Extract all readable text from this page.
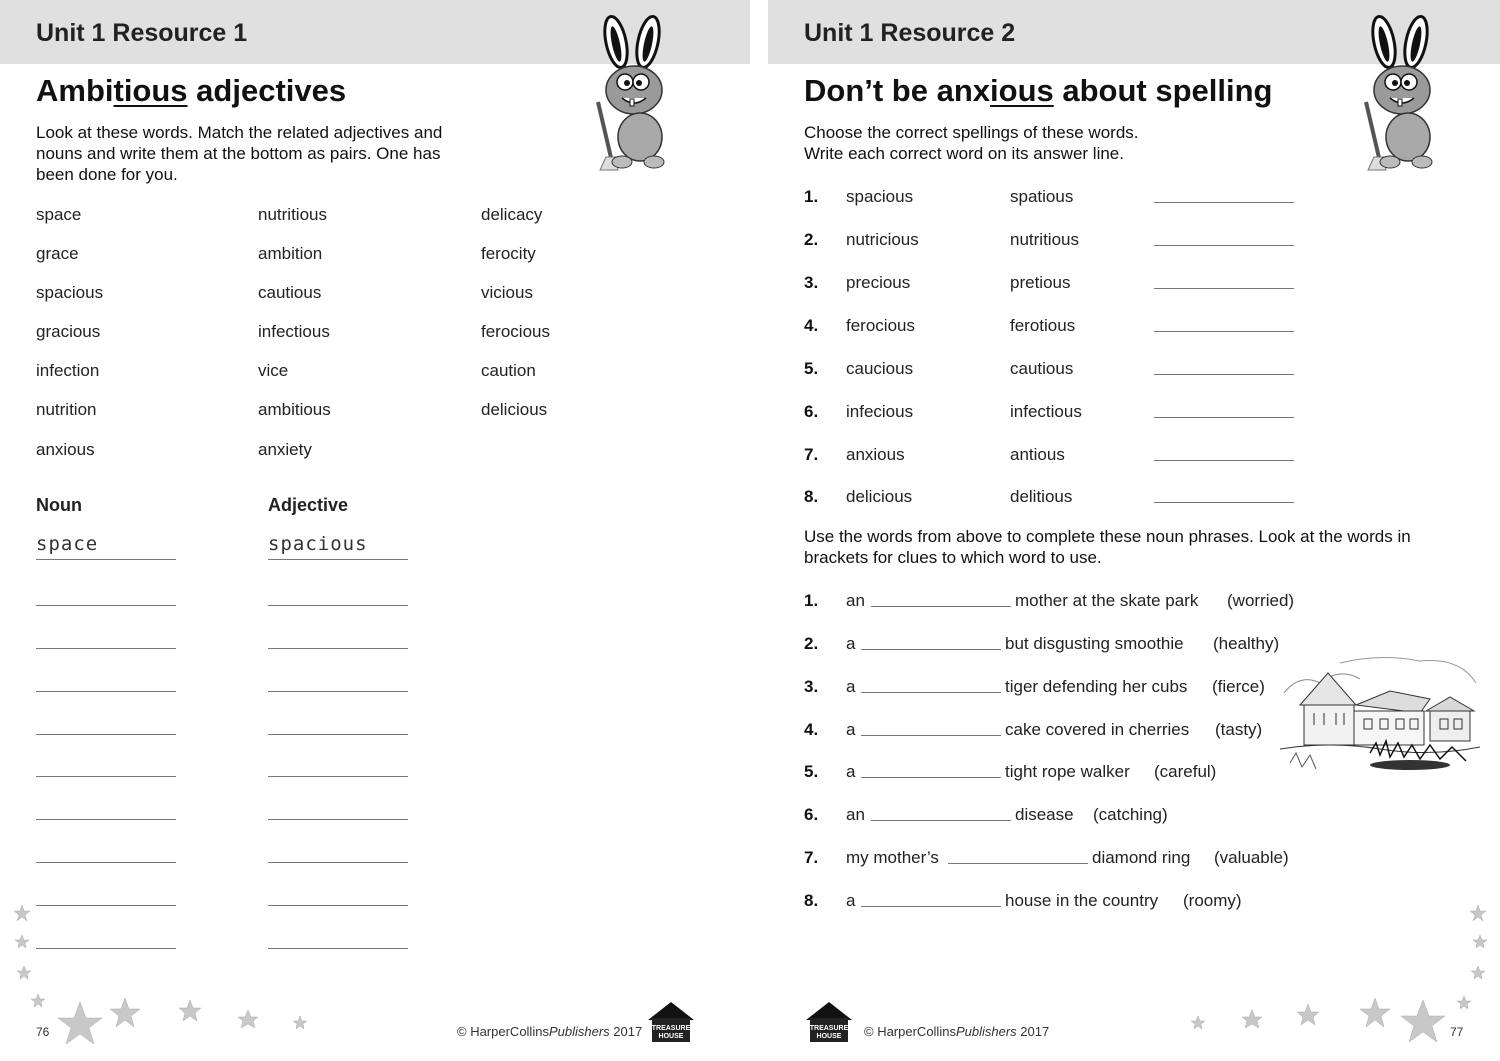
Unit 1 Resource 1
Ambitious adjectives
Look at these words. Match the related adjectives and
nouns and write them at the bottom as pairs. One has
been done for you.
space	nutritious	delicacy
grace	ambition	ferocity
spacious	cautious	vicious
gracious	infectious	ferocious
infection	vice	caution
nutrition	ambitious	delicious
anxious	anxiety
Noun	Adjective
space	spacious
76	© HarperCollinsPublishers 2017 TREASURE
HOUSE
Unit 1 Resource 2
Don’t be anxious about spelling
Choose the correct spellings of these words.
Write each correct word on its answer line.
1. spacious	spatious
2. nutricious	nutritious
3. precious	pretious
4. ferocious	ferotious
5. caucious	cautious
6. infecious	infectious
7. anxious	antious
8. delicious	delitious
Use the words from above to complete these noun phrases. Look at the words in
brackets for clues to which word to use.
1. an	mother at the skate park (worried)
2. a	but disgusting smoothie (healthy)
3. a	tiger defending her cubs (fierce)
4. a	cake covered in cherries (tasty)
5. a	tight rope walker (careful)
6. an	disease (catching)
7. my mother’s	diamond ring (valuable)
8. a	house in the country (roomy)
TREASURE
HOUSE © HarperCollinsPublishers 2017	77
